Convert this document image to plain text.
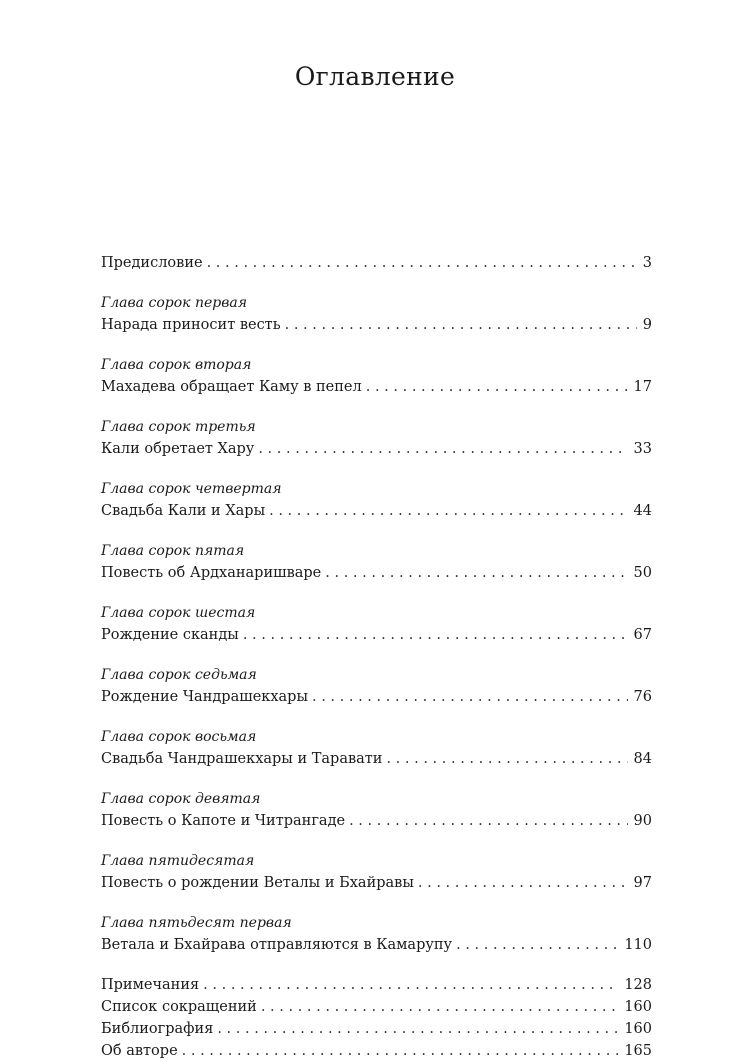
Оглавление
Предисловие . . .	3
Глава сорок первая
Нарада приносит весть . . .	9
Глава сорок вторая
Махадева обращает Каму в пепел . . .	17
Глава сорок третья
Кали обретает Хару . . .	33
Глава сорок четвертая
Свадьба Кали и Хары . . .	44
Глава сорок пятая
Повесть об Ардханаришваре . . .	50
Глава сорок шестая
Рождение сканды . . .	67
Глава сорок седьмая
Рождение Чандрашекхары . . .	76
Глава сорок восьмая
Свадьба Чандрашекхары и Таравати . . .	84
Глава сорок девятая
Повесть о Капоте и Читрангаде . . .	90
Глава пятидесятая
Повесть о рождении Веталы и Бхайравы . . .	97
Глава пятьдесят первая
Ветала и Бхайрава отправляются в Камарупу . . .	110
Примечания . . .	128
Список сокращений . . .	160
Библиография . . .	160
Об авторе . . .	165
